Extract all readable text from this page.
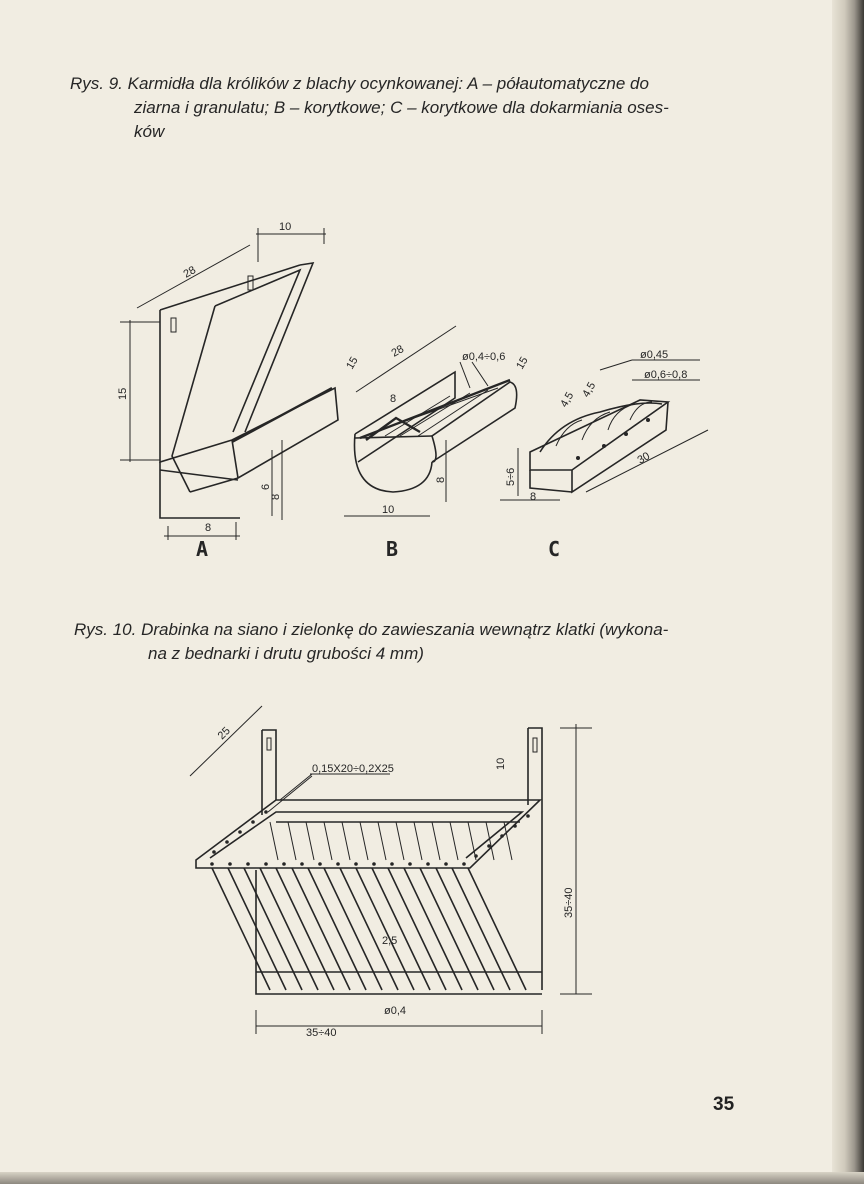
Rys. 9. Karmidła dla królików z blachy ocynkowanej: A – półautomatyczne do
ziarna i granulatu; B – korytkowe; C – korytkowe dla dokarmiania oses-
ków
10
28
15
6
8
8
A
28
15	ø0,4÷0,6 15
8
8
10
B
ø0,45
ø0,6÷0,8
4,5
4,5
5÷6
8
30
C
Rys. 10. Drabinka na siano i zielonkę do zawieszania wewnątrz klatki (wykona-
na z bednarki i drutu grubości 4 mm)
25
0,15X20÷0,2X25	10
35÷40
2,5
ø0,4
35÷40
35
